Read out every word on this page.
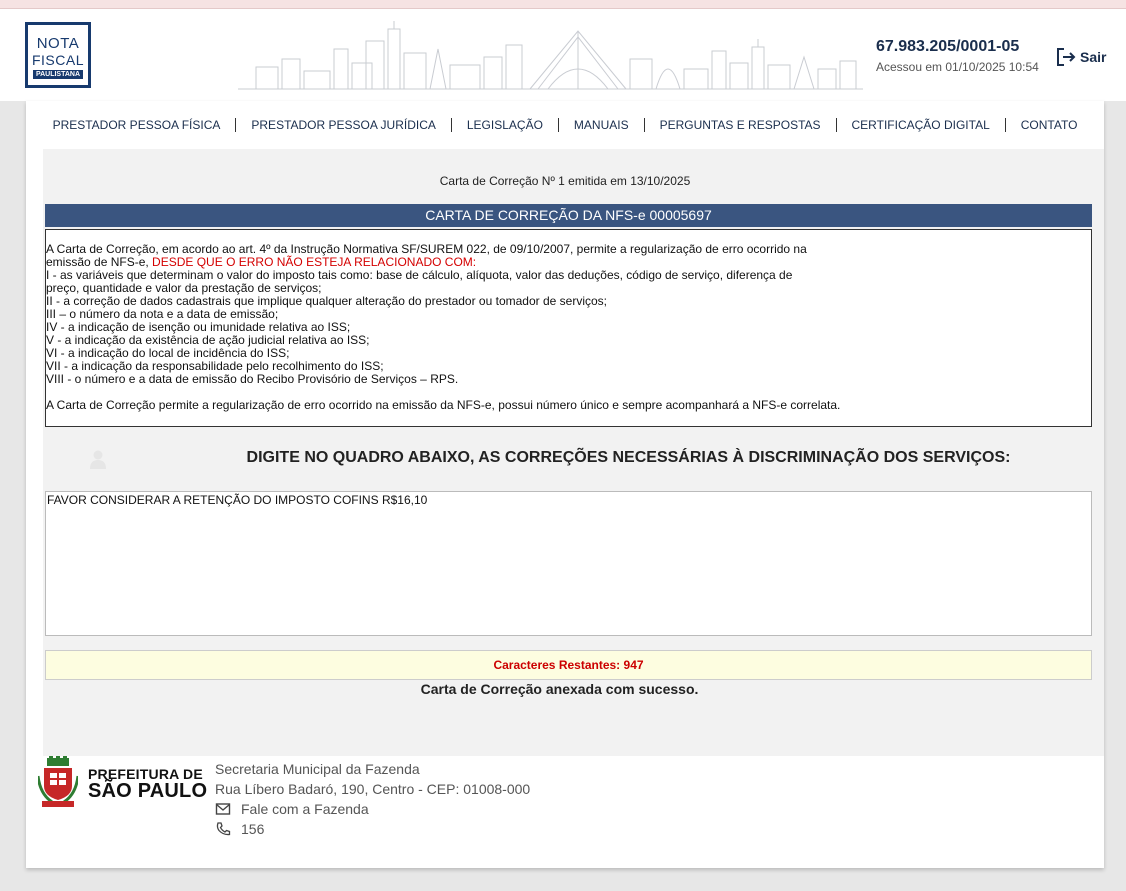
NOTA
FISCAL
PAULISTANA
67.983.205/0001-05
Acessou em 01/10/2025 10:54
Sair
PRESTADOR PESSOA FÍSICA	PRESTADOR PESSOA JURÍDICA	LEGISLAÇÃO	MANUAIS	PERGUNTAS E RESPOSTAS	CERTIFICAÇÃO DIGITAL	CONTATO
Carta de Correção Nº 1 emitida em 13/10/2025
CARTA DE CORREÇÃO DA NFS-e 00005697
A Carta de Correção, em acordo ao art. 4º da Instrução Normativa SF/SUREM 022, de 09/10/2007, permite a regularização de erro ocorrido na
emissão de NFS-e, DESDE QUE O ERRO NÃO ESTEJA RELACIONADO COM:
I - as variáveis que determinam o valor do imposto tais como: base de cálculo, alíquota, valor das deduções, código de serviço, diferença de
preço, quantidade e valor da prestação de serviços;
II - a correção de dados cadastrais que implique qualquer alteração do prestador ou tomador de serviços;
III – o número da nota e a data de emissão;
IV - a indicação de isenção ou imunidade relativa ao ISS;
V - a indicação da existência de ação judicial relativa ao ISS;
VI - a indicação do local de incidência do ISS;
VII - a indicação da responsabilidade pelo recolhimento do ISS;
VIII - o número e a data de emissão do Recibo Provisório de Serviços – RPS.
A Carta de Correção permite a regularização de erro ocorrido na emissão da NFS-e, possui número único e sempre acompanhará a NFS-e correlata.
DIGITE NO QUADRO ABAIXO, AS CORREÇÕES NECESSÁRIAS À DISCRIMINAÇÃO DOS SERVIÇOS:
FAVOR CONSIDERAR A RETENÇÃO DO IMPOSTO COFINS R$16,10
Caracteres Restantes: 947
Carta de Correção anexada com sucesso.
PREFEITURA DE
SÃO PAULO
Secretaria Municipal da Fazenda
Rua Líbero Badaró, 190, Centro - CEP: 01008-000
Fale com a Fazenda
156
